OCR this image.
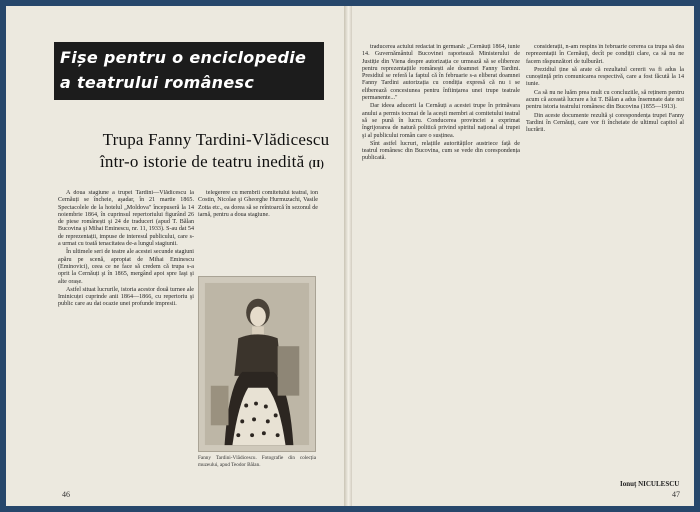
Fișe pentru o enciclopedie
a teatrului românesc
Trupa Fanny Tardini-Vlădicescu
într-o istorie de teatru inedită (II)

A doua stagiune a trupei Tardini—Vlădicescu la Cernăuți se încheie, aşadar, în 21 martie 1865. Spectacolele de la hotelul „Moldova" începuseră la 14 noiembrie 1864, în cuprinsul repertoriului figurând 26 de piese românești şi 24 de traduceri (apud T. Bălan Bucovina şi Mihai Eminescu, nr. 11, 1933). S-au dat 54 de reprezentații, impuse de interesul publicului, care s-a urmat cu toată tenacitatea de-a lungul stagiunii.

În ultimele seri de teatre ale acestei secunde stagiuni apăru pe scenă, apropiat de Mihai Eminescu (Eminovici), ceea ce ne face să credem că trupa s-a oprit la Cernăuți şi în 1865, mergând apoi spre Iaşi şi alte orașe.

Astfel situat lucrurile, istoria acestor două turnee ale Iminicuței cuprinde anii 1864—1866, cu repertoriu şi public care au dat ocazie unei profunde impresii.

telegerere cu membrii comitetului teatral, ion Costin, Nicolae şi Gheorghe Hurmuzachi, Vasile Zotta etc., ea dorea să se reîntoarcă în sezonul de iarnă, pentru a doua stagiune.

Fanny Tardini-Vlădicescu. Fotografie din colecția muzeului, apud Teodor Bălan.
46

traducerea actului redactat în germană: „Cernăuți 1864, iunie 14. Guvernământul Bucovinei raportează Ministerului de Justiție din Viena despre autorizația ce urmează să se elibereze pentru reprezentațiile românești ale doamnei Fanny Tardini. Presidiul se referă la faptul că în februarie s-a eliberat doamnei Fanny Tardini autorizația cu condiția expresă că nu i se eliberează concesiunea pentru înființarea unei trupe teatrale permanente..."

Dar ideea aducerii la Cernăuți a acestei trupe în primăvara anului a permis tocmai de la acești membri ai comitetului teatral să se pună în lucru. Conducerea provinciei a exprimat îngrijorarea de natură politică privind spiritul național al trupei şi al publicului român care o susținea.

Sînt astfel lucruri, relațiile autorităților austriece față de teatrul românesc din Bucovina, cum se vede din corespondența publicată.

considerații, n-am respins în februarie cererea ca trupa să dea reprezentații în Cernăuți, decît pe condiții clare, ca să nu ne facem răspunzători de tulburări.

Prezidiul ține să arate că rezultatul cererii va fi adus la cunoștință prin comunicarea respectivă, care a fost făcută la 14 iunie.

Ca să nu ne luăm prea mult cu concluziile, să reținem pentru acum că această lucrare a lui T. Bălan a adus însemnate date noi pentru istoria teatrului românesc din Bucovina (1855—1913).

Din aceste documente rezultă şi corespondența trupei Fanny Tardini în Cernăuți, care vor fi încheiate de ultimul capitol al lucrării.

Ionuţ NICULESCU
47
